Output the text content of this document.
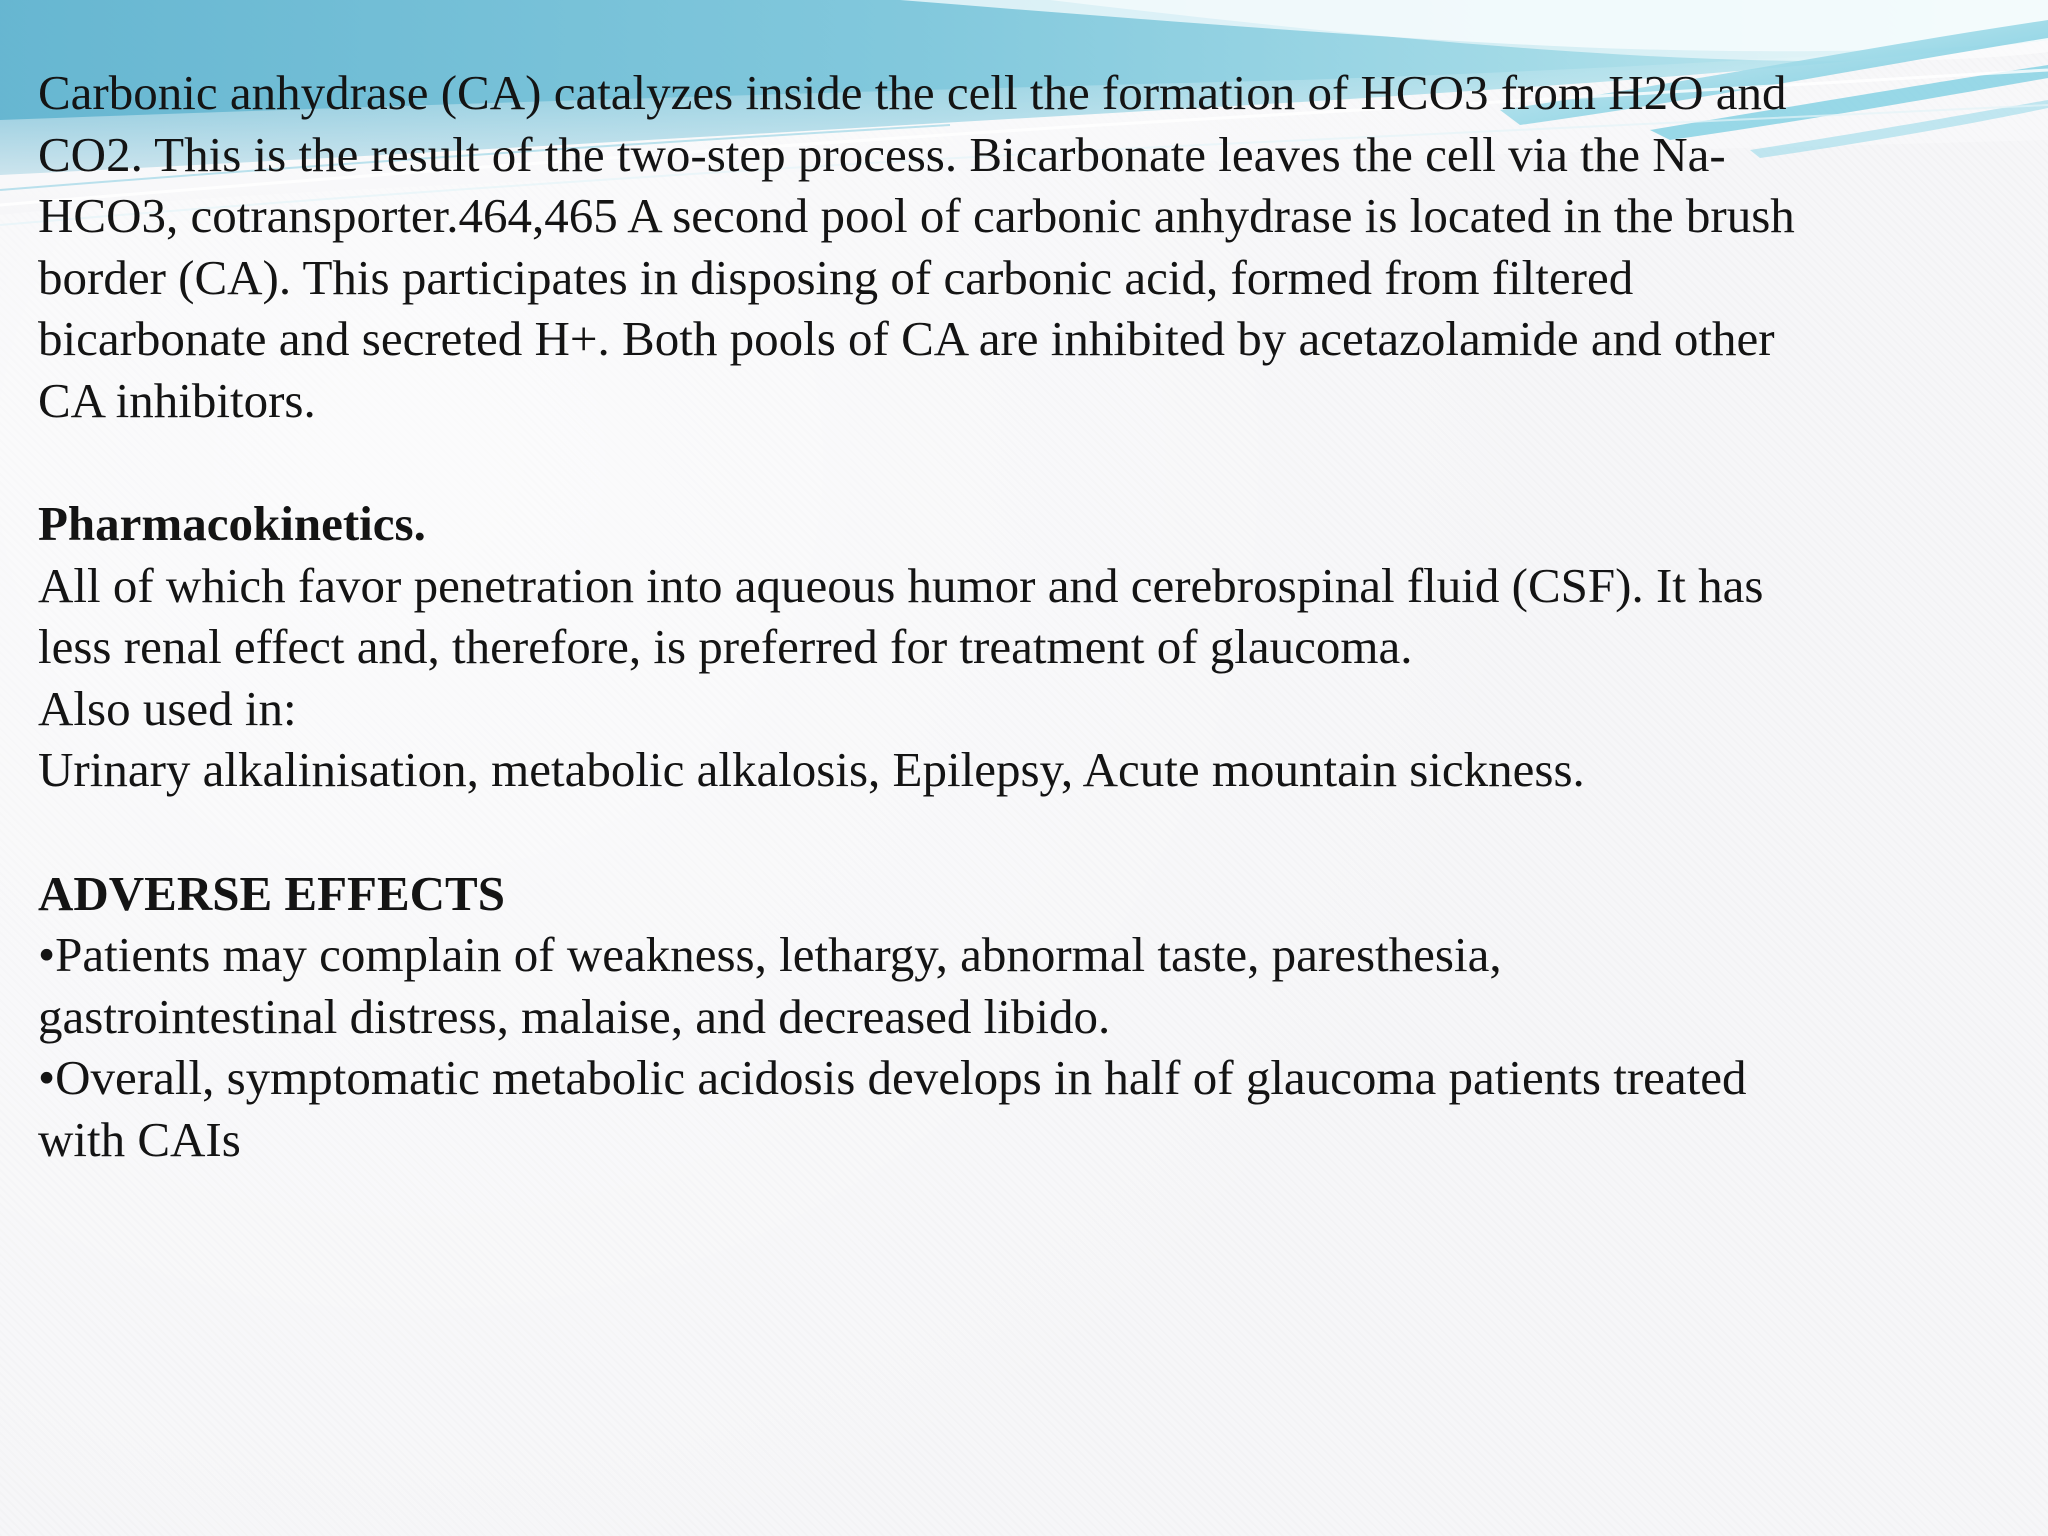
Carbonic anhydrase (CA) catalyzes inside the cell the formation of HCO3 from H2O and

CO2. This is the result of the two-step process. Bicarbonate leaves the cell via the Na-

HCO3, cotransporter.464,465 A second pool of carbonic anhydrase is located in the brush

border (CA). This participates in disposing of carbonic acid, formed from filtered

bicarbonate and secreted H+. Both pools of CA are inhibited by acetazolamide and other

CA inhibitors.

Pharmacokinetics.

All of which favor penetration into aqueous humor and cerebrospinal fluid (CSF). It has

less renal effect and, therefore, is preferred for treatment of glaucoma.

Also used in:

Urinary alkalinisation, metabolic alkalosis, Epilepsy, Acute mountain sickness.

ADVERSE EFFECTS

•Patients may complain of weakness, lethargy, abnormal taste, paresthesia,

gastrointestinal distress, malaise, and decreased libido.

•Overall, symptomatic metabolic acidosis develops in half of glaucoma patients treated

with CAIs
